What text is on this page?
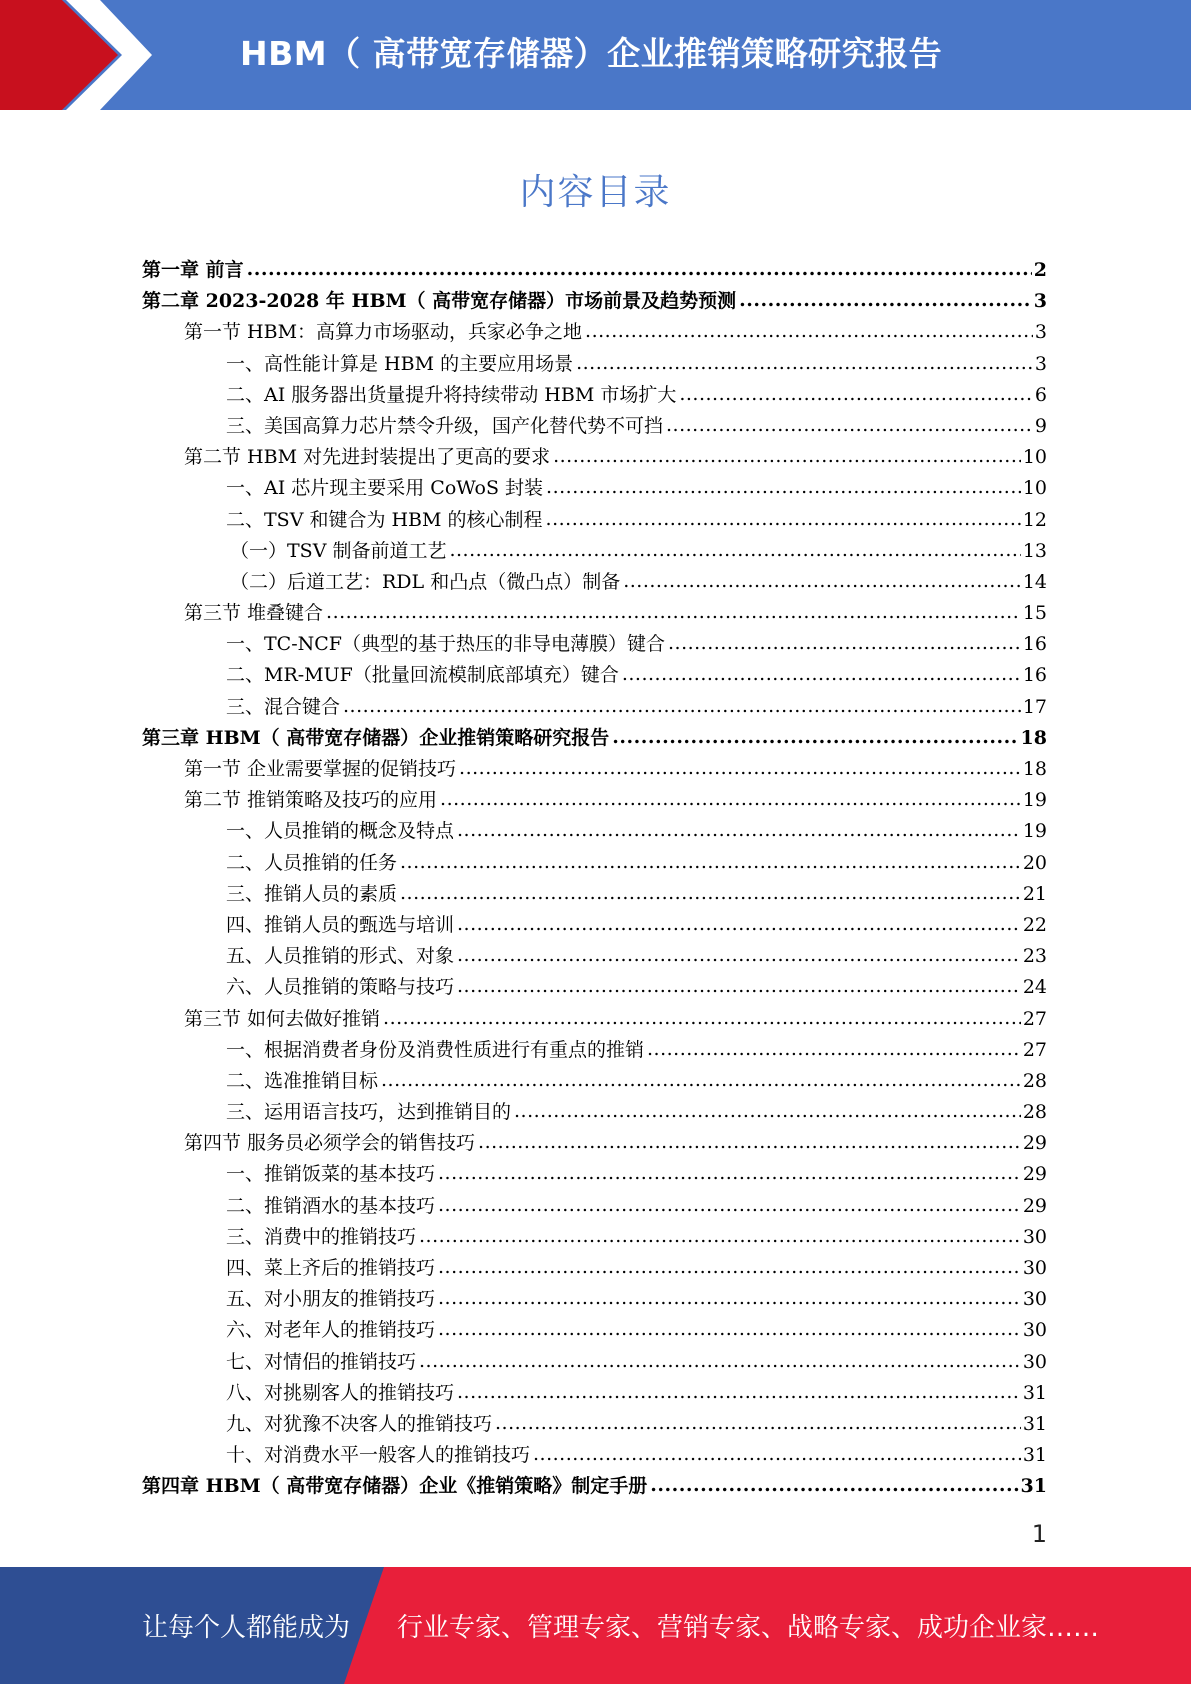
HBM（ 高带宽存储器）企业推销策略研究报告
内容目录
第一章 前言 .....	2
第二章 2023-2028 年 HBM（ 高带宽存储器）市场前景及趋势预测 .....	3
第一节 HBM：高算力市场驱动，兵家必争之地 .....	3
一、高性能计算是 HBM 的主要应用场景 .....	3
二、AI 服务器出货量提升将持续带动 HBM 市场扩大 .....	6
三、美国高算力芯片禁令升级，国产化替代势不可挡 .....	9
第二节 HBM 对先进封装提出了更高的要求 .....	10
一、AI 芯片现主要采用 CoWoS 封装 .....	10
二、TSV 和键合为 HBM 的核心制程 .....	12
（一）TSV 制备前道工艺 .....	13
（二）后道工艺：RDL 和凸点（微凸点）制备 .....	14
第三节 堆叠键合 .....	15
一、TC-NCF（典型的基于热压的非导电薄膜）键合 .....	16
二、MR-MUF（批量回流模制底部填充）键合 .....	16
三、混合键合 .....	17
第三章 HBM（ 高带宽存储器）企业推销策略研究报告 .....	18
第一节 企业需要掌握的促销技巧 .....	18
第二节 推销策略及技巧的应用 .....	19
一、人员推销的概念及特点 .....	19
二、人员推销的任务 .....	20
三、推销人员的素质 .....	21
四、推销人员的甄选与培训 .....	22
五、人员推销的形式、对象 .....	23
六、人员推销的策略与技巧 .....	24
第三节 如何去做好推销 .....	27
一、根据消费者身份及消费性质进行有重点的推销 .....	27
二、选准推销目标 .....	28
三、运用语言技巧，达到推销目的 .....	28
第四节 服务员必须学会的销售技巧 .....	29
一、推销饭菜的基本技巧 .....	29
二、推销酒水的基本技巧 .....	29
三、消费中的推销技巧 .....	30
四、菜上齐后的推销技巧 .....	30
五、对小朋友的推销技巧 .....	30
六、对老年人的推销技巧 .....	30
七、对情侣的推销技巧 .....	30
八、对挑剔客人的推销技巧 .....	31
九、对犹豫不决客人的推销技巧 .....	31
十、对消费水平一般客人的推销技巧 .....	31
第四章 HBM（ 高带宽存储器）企业《推销策略》制定手册 .....	31
1
让每个人都能成为 行业专家、管理专家、营销专家、战略专家、成功企业家……
